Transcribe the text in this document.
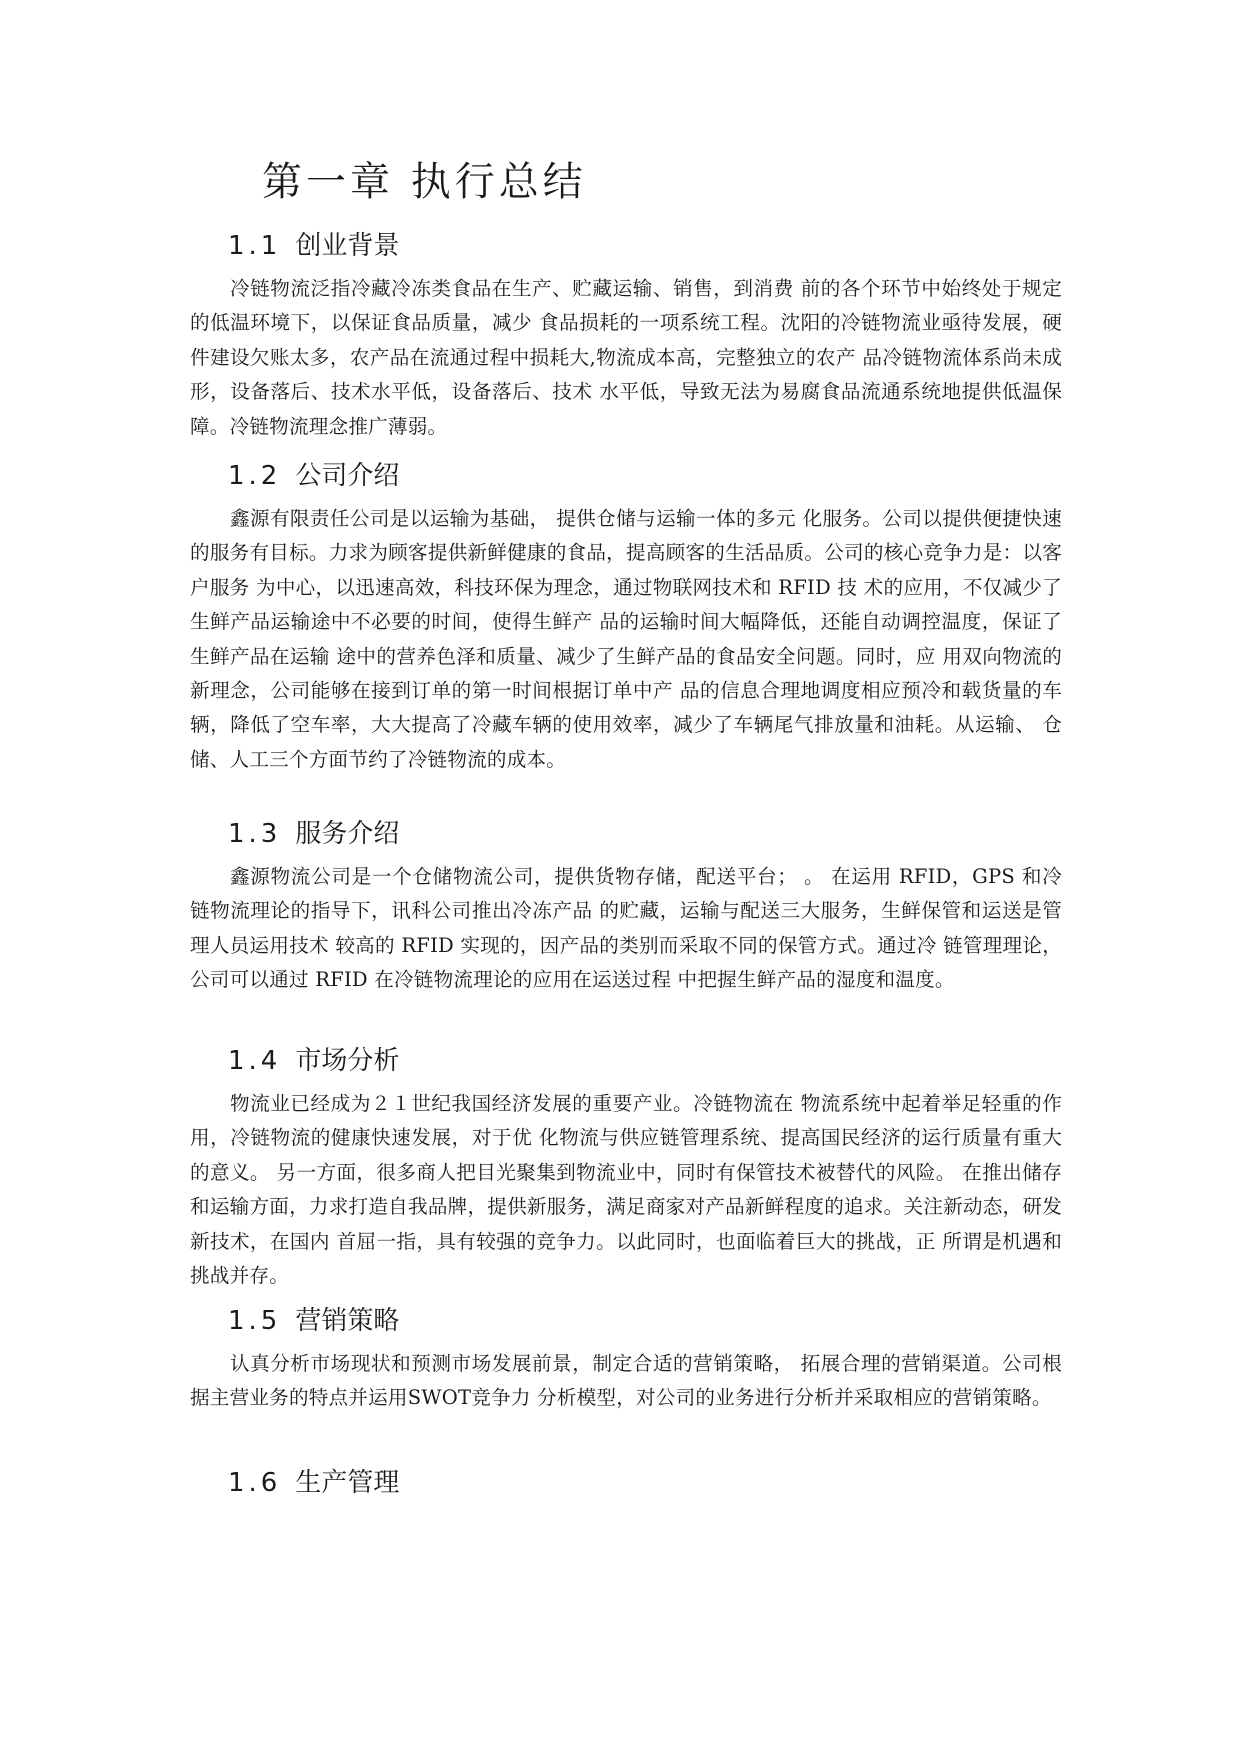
第一章 执行总结
1.1 创业背景

冷链物流泛指冷藏冷冻类食品在生产、贮藏运输、销售，到消费 前的各个环节中始终处于规定的低温环境下，以保证食品质量，减少 食品损耗的一项系统工程。沈阳的冷链物流业亟待发展，硬件建设欠账太多，农产品在流通过程中损耗大,物流成本高，完整独立的农产 品冷链物流体系尚未成形，设备落后、技术水平低，设备落后、技术 水平低，导致无法为易腐食品流通系统地提供低温保障。冷链物流理念推广薄弱。

1.2 公司介绍

鑫源有限责任公司是以运输为基础， 提供仓储与运输一体的多元 化服务。公司以提供便捷快速的服务有目标。力求为顾客提供新鲜健康的食品，提高顾客的生活品质。公司的核心竞争力是：以客户服务 为中心，以迅速高效，科技环保为理念，通过物联网技术和 RFID 技 术的应用，不仅减少了生鲜产品运输途中不必要的时间，使得生鲜产 品的运输时间大幅降低，还能自动调控温度，保证了生鲜产品在运输 途中的营养色泽和质量、减少了生鲜产品的食品安全问题。同时，应 用双向物流的新理念，公司能够在接到订单的第一时间根据订单中产 品的信息合理地调度相应预冷和载货量的车辆，降低了空车率，大大提高了冷藏车辆的使用效率，减少了车辆尾气排放量和油耗。从运输、 仓储、人工三个方面节约了冷链物流的成本。

1.3 服务介绍

鑫源物流公司是一个仓储物流公司，提供货物存储，配送平台； 。 在运用 RFID，GPS 和冷链物流理论的指导下，讯科公司推出冷冻产品 的贮藏，运输与配送三大服务，生鲜保管和运送是管理人员运用技术 较高的 RFID 实现的，因产品的类别而采取不同的保管方式。通过冷 链管理理论，公司可以通过 RFID 在冷链物流理论的应用在运送过程 中把握生鲜产品的湿度和温度。

1.4 市场分析

物流业已经成为２１世纪我国经济发展的重要产业。冷链物流在 物流系统中起着举足轻重的作用，冷链物流的健康快速发展，对于优 化物流与供应链管理系统、提高国民经济的运行质量有重大的意义。 另一方面，很多商人把目光聚集到物流业中，同时有保管技术被替代的风险。 在推出储存和运输方面，力求打造自我品牌，提供新服务，满足商家对产品新鲜程度的追求。关注新动态，研发新技术，在国内 首屈一指，具有较强的竞争力。以此同时，也面临着巨大的挑战，正 所谓是机遇和挑战并存。

1.5 营销策略

认真分析市场现状和预测市场发展前景，制定合适的营销策略， 拓展合理的营销渠道。公司根据主营业务的特点并运用SWOT竞争力 分析模型，对公司的业务进行分析并采取相应的营销策略。

1.6 生产管理
